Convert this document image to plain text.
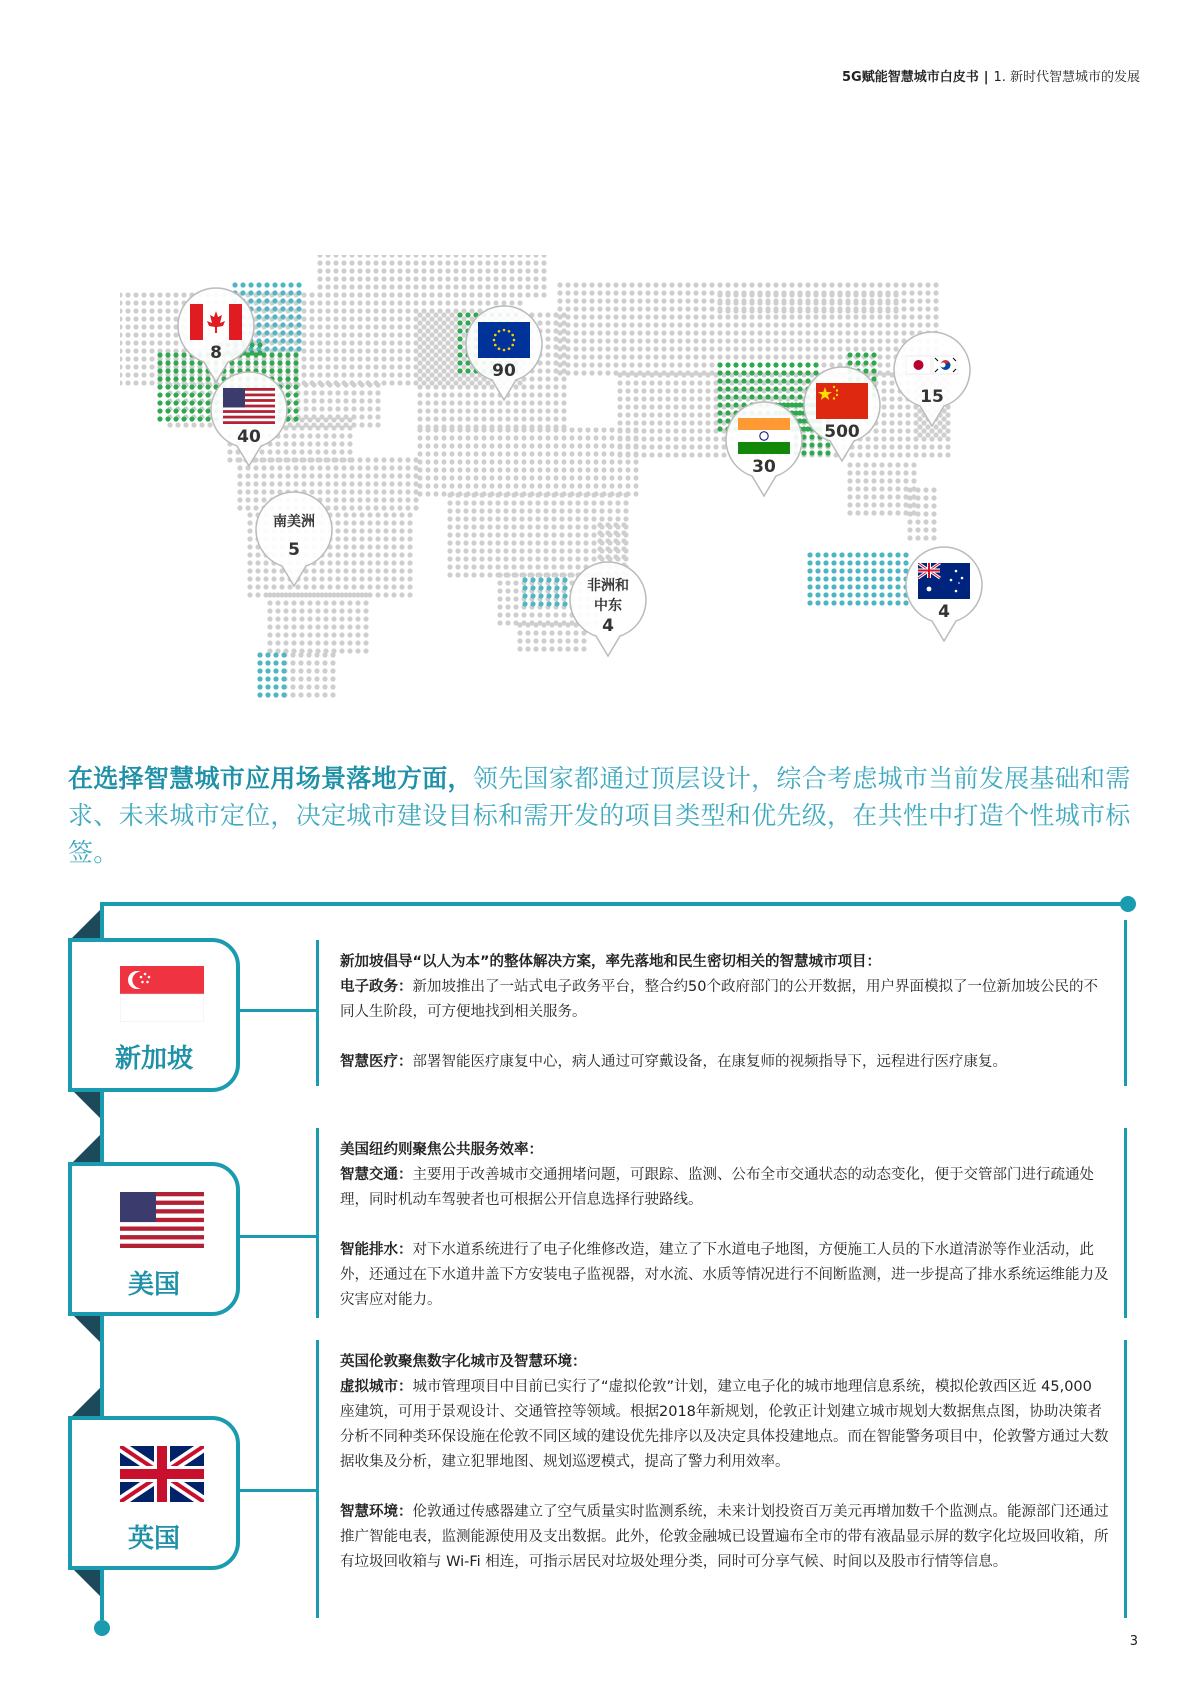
5G赋能智慧城市白皮书 | 1. 新时代智慧城市的发展
8
40
90
500
30
15
南美洲
5
非洲和
中东
4
4
在选择智慧城市应用场景落地方面，领先国家都通过顶层设计，综合考虑城市当前发展基础和需求、未来城市定位，决定城市建设目标和需开发的项目类型和优先级，在共性中打造个性城市标签。
新加坡

新加坡倡导“以人为本”的整体解决方案，率先落地和民生密切相关的智慧城市项目：

电子政务：新加坡推出了一站式电子政务平台，整合约50个政府部门的公开数据，用户界面模拟了一位新加坡公民的不同人生阶段，可方便地找到相关服务。

智慧医疗：部署智能医疗康复中心，病人通过可穿戴设备，在康复师的视频指导下，远程进行医疗康复。

美国

美国纽约则聚焦公共服务效率：

智慧交通：主要用于改善城市交通拥堵问题，可跟踪、监测、公布全市交通状态的动态变化，便于交管部门进行疏通处理，同时机动车驾驶者也可根据公开信息选择行驶路线。

智能排水：对下水道系统进行了电子化维修改造，建立了下水道电子地图，方便施工人员的下水道清淤等作业活动，此外，还通过在下水道井盖下方安装电子监视器，对水流、水质等情况进行不间断监测，进一步提高了排水系统运维能力及灾害应对能力。

英国

英国伦敦聚焦数字化城市及智慧环境：

虚拟城市：城市管理项目中目前已实行了“虚拟伦敦”计划，建立电子化的城市地理信息系统，模拟伦敦西区近 45,000 座建筑，可用于景观设计、交通管控等领域。根据2018年新规划，伦敦正计划建立城市规划大数据焦点图，协助决策者分析不同种类环保设施在伦敦不同区域的建设优先排序以及决定具体投建地点。而在智能警务项目中，伦敦警方通过大数据收集及分析，建立犯罪地图、规划巡逻模式，提高了警力利用效率。

智慧环境：伦敦通过传感器建立了空气质量实时监测系统，未来计划投资百万美元再增加数千个监测点。能源部门还通过推广智能电表，监测能源使用及支出数据。此外，伦敦金融城已设置遍布全市的带有液晶显示屏的数字化垃圾回收箱，所有垃圾回收箱与 Wi-Fi 相连，可指示居民对垃圾处理分类，同时可分享气候、时间以及股市行情等信息。

3
